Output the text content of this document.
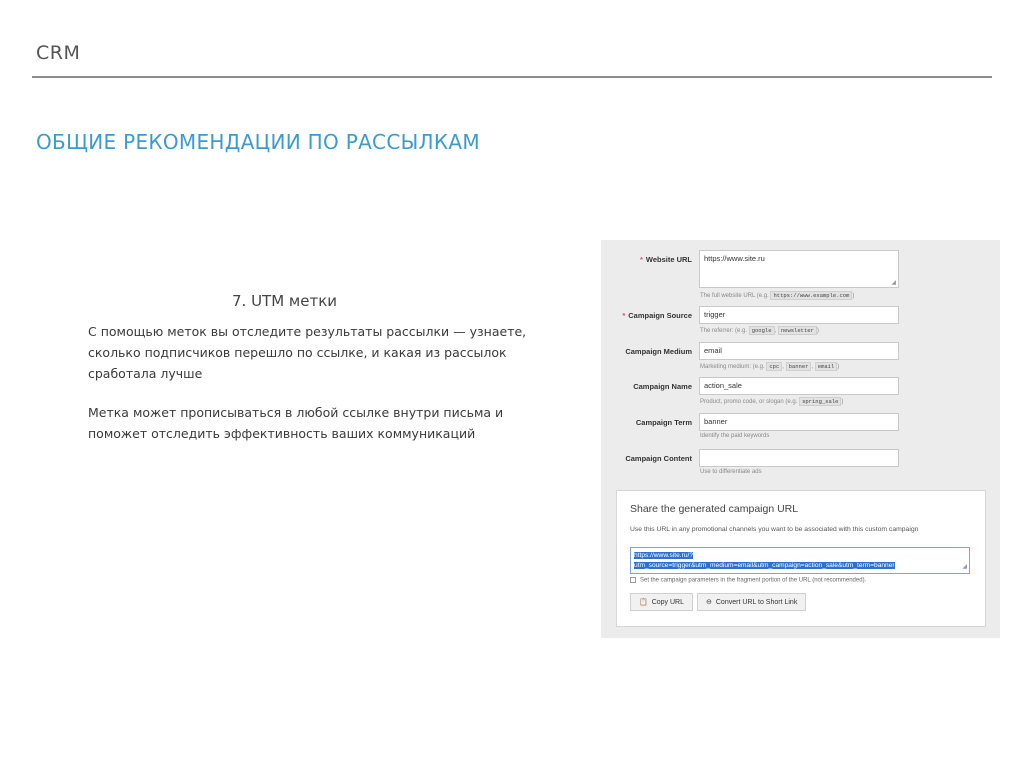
CRM
ОБЩИЕ РЕКОМЕНДАЦИИ ПО РАССЫЛКАМ
7. UTM метки
С помощью меток вы отследите результаты рассылки — узнаете, сколько подписчиков перешло по ссылке, и какая из рассылок сработала лучше
Метка может прописываться в любой ссылке внутри письма и поможет отследить эффективность ваших коммуникаций
* Website URL	https://www.site.ru
◢
The full website URL (e.g. https://www.example.com )
* Campaign Source	trigger
The referrer: (e.g. google , newsletter )
Campaign Medium	email
Marketing medium: (e.g. cpc , banner , email )
Campaign Name	action_sale
Product, promo code, or slogan (e.g. spring_sale )
Campaign Term	banner
Identify the paid keywords
Campaign Content
Use to differentiate ads
Share the generated campaign URL
Use this URL in any promotional channels you want to be associated with this custom campaign
https://www.site.ru/?
utm_source=trigger&utm_medium=email&utm_campaign=action_sale&utm_term=banner	◢
Set the campaign parameters in the fragment portion of the URL (not recommended).
📋 Copy URL	⊖ Convert URL to Short Link
